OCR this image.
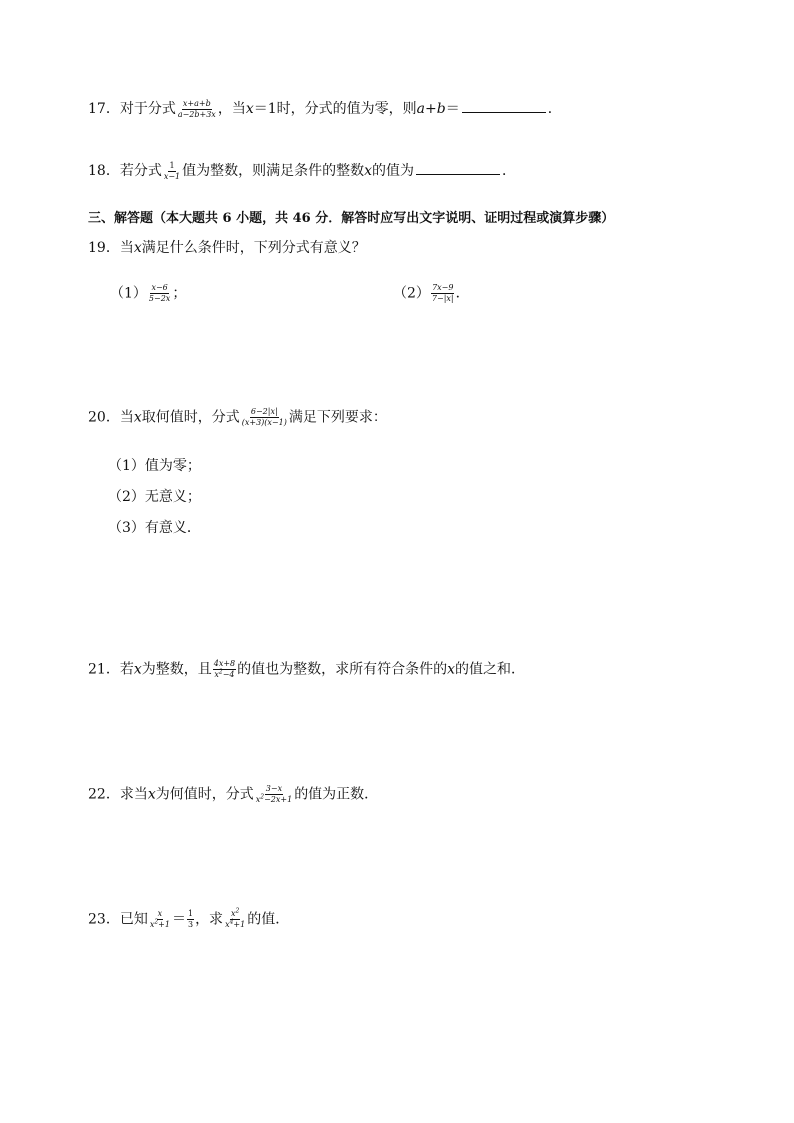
17．对于分式 $\frac{x+a+b}{a-2b+3x}$ ，当x＝1时，分式的值为零，则a+b＝	．
18．若分式 $\frac{1}{x-1}$ 值为整数，则满足条件的整数x的值为	．
三、解答题（本大题共 6 小题，共 46 分．解答时应写出文字说明、证明过程或演算步骤）
19．当x满足什么条件时，下列分式有意义？
$(1) \frac{x-6}{5-2x}$ ；	$(2) \frac{7x-9}{7-|x|}$ ．
20．当x取何值时，分式 $\frac{6-2|x|}{(x+3)(x-1)}$ 满足下列要求：
（1）值为零；
（2）无意义；
（3）有意义．
21．若x为整数，且 $\frac{4x+8}{x^2-4}$ 的值也为整数，求所有符合条件的x的值之和．
22．求当x为何值时，分式 $\frac{3-x}{x^2-2x+1}$ 的值为正数．
23．已知 $\frac{x}{x^2+1} = \frac{1}{3}$ ，求 $\frac{x^2}{x^4+1}$ 的值．
